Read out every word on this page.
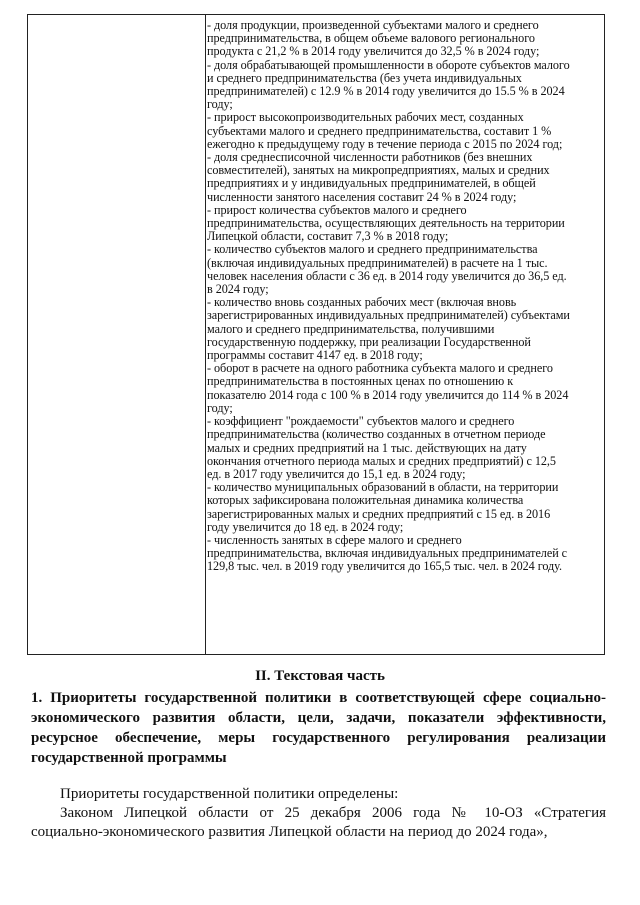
- доля продукции, произведенной субъектами малого и среднего
предпринимательства, в общем объеме валового регионального
продукта с 21,2 % в 2014 году увеличится до 32,5 % в 2024 году;

- доля обрабатывающей промышленности в обороте субъектов малого
и среднего предпринимательства (без учета индивидуальных
предпринимателей) с 12.9 % в 2014 году увеличится до 15.5 % в 2024
году;

- прирост высокопроизводительных рабочих мест, созданных
субъектами малого и среднего предпринимательства, составит 1 %
ежегодно к предыдущему году в течение периода с 2015 по 2024 год;

- доля среднесписочной численности работников (без внешних
совместителей), занятых на микропредприятиях, малых и средних
предприятиях и у индивидуальных предпринимателей, в общей
численности занятого населения составит 24 % в 2024 году;

- прирост количества субъектов малого и среднего
предпринимательства, осуществляющих деятельность на территории
Липецкой области, составит 7,3 % в 2018 году;

- количество субъектов малого и среднего предпринимательства
(включая индивидуальных предпринимателей) в расчете на 1 тыс.
человек населения области с 36 ед. в 2014 году увеличится до 36,5 ед.
в 2024 году;

- количество вновь созданных рабочих мест (включая вновь
зарегистрированных индивидуальных предпринимателей) субъектами
малого и среднего предпринимательства, получившими
государственную поддержку, при реализации Государственной
программы составит 4147 ед. в 2018 году;

- оборот в расчете на одного работника субъекта малого и среднего
предпринимательства в постоянных ценах по отношению к
показателю 2014 года с 100 % в 2014 году увеличится до 114 % в 2024
году;

- коэффициент "рождаемости" субъектов малого и среднего
предпринимательства (количество созданных в отчетном периоде
малых и средних предприятий на 1 тыс. действующих на дату
окончания отчетного периода малых и средних предприятий) с 12,5
ед. в 2017 году увеличится до 15,1 ед. в 2024 году;

- количество муниципальных образований в области, на территории
которых зафиксирована положительная динамика количества
зарегистрированных малых и средних предприятий с 15 ед. в 2016
году увеличится до 18 ед. в 2024 году;

- численность занятых в сфере малого и среднего
предпринимательства, включая индивидуальных предпринимателей с
129,8 тыс. чел. в 2019 году увеличится до 165,5 тыс. чел. в 2024 году.

II. Текстовая часть
1. Приоритеты государственной политики в соответствующей сфере социально-
экономического развития области, цели, задачи, показатели эффективности,
ресурсное обеспечение, меры государственного регулирования реализации
государственной программы
Приоритеты государственной политики определены:
Законом Липецкой области от 25 декабря 2006 года № 10-ОЗ «Стратегия
социально-экономического развития Липецкой области на период до 2024 года»,
